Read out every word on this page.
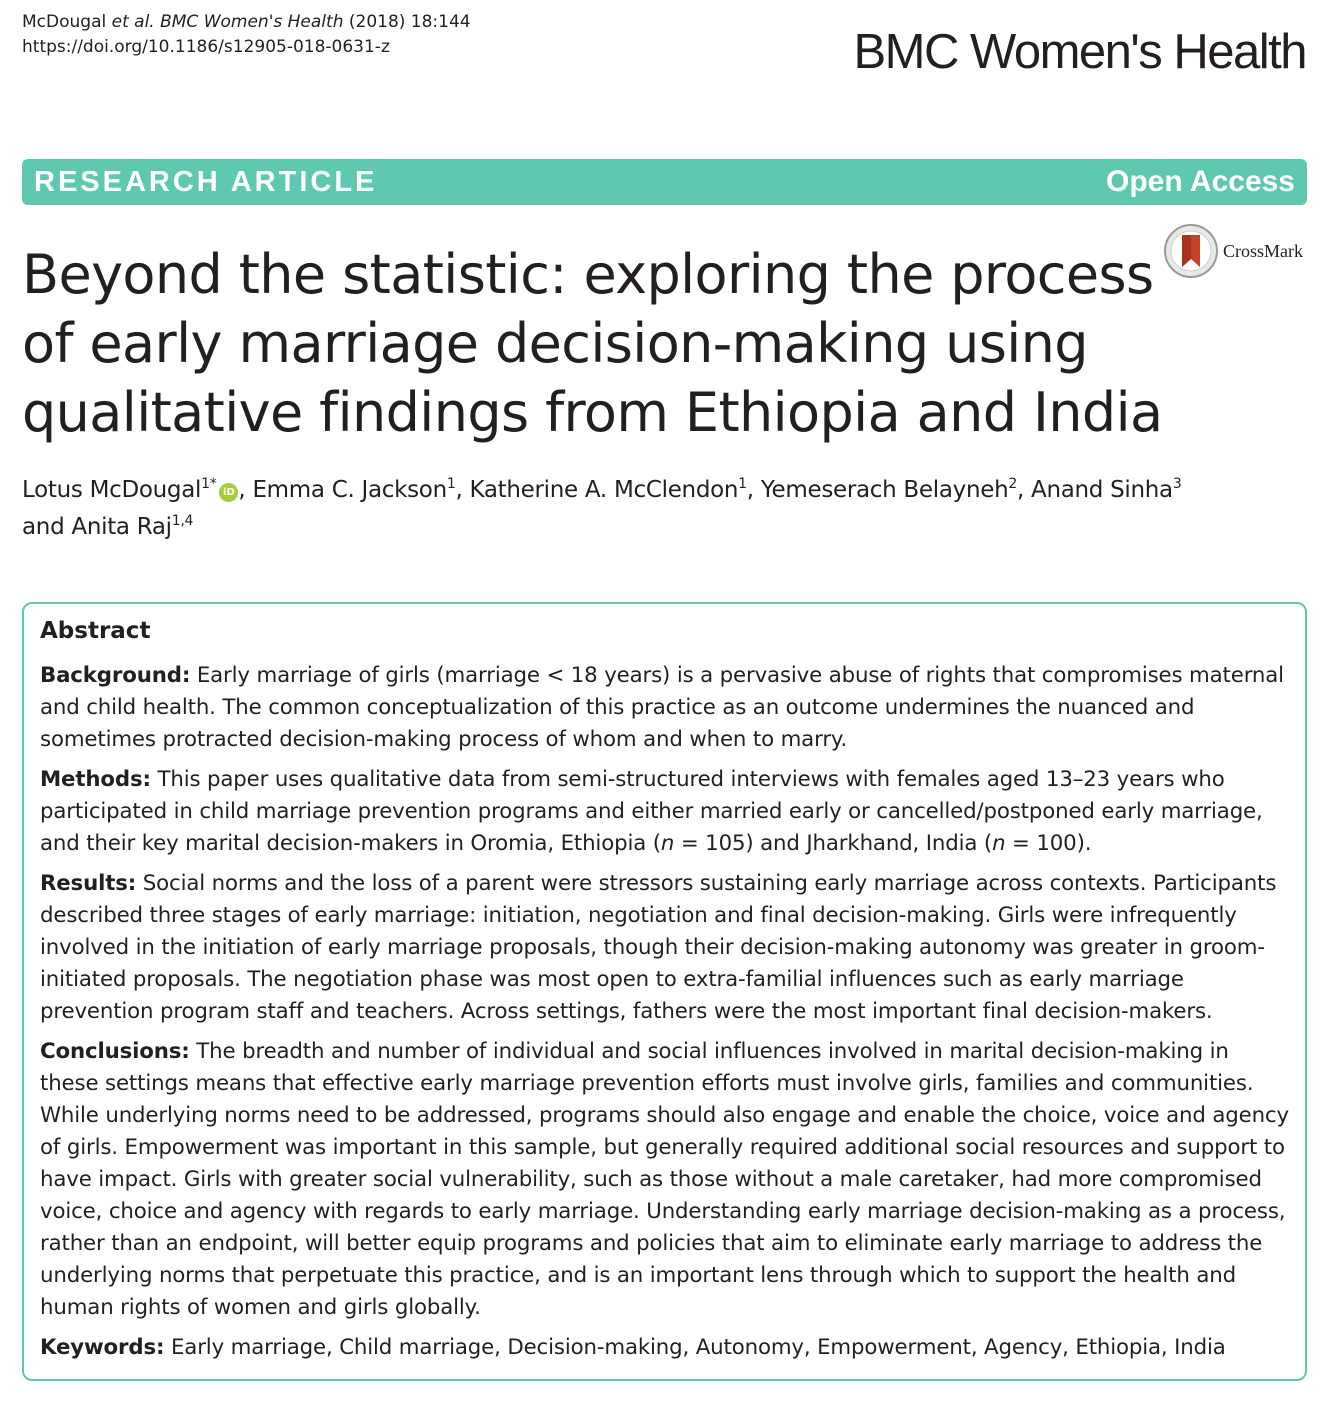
McDougal et al. BMC Women's Health (2018) 18:144
https://doi.org/10.1186/s12905-018-0631-z	BMC Women's Health
RESEARCH ARTICLE	Open Access
CrossMark
Beyond the statistic: exploring the process of early marriage decision-making using qualitative findings from Ethiopia and India
Lotus McDougal$^{1*}$iD , Emma C. Jackson$^1$, Katherine A. McClendon$^1$, Yemeserach Belayneh$^2$, Anand Sinha$^3$
and Anita Raj$^{1,4}$
Abstract

Background: Early marriage of girls (marriage < 18 years) is a pervasive abuse of rights that compromises maternal and child health. The common conceptualization of this practice as an outcome undermines the nuanced and sometimes protracted decision-making process of whom and when to marry.

Methods: This paper uses qualitative data from semi-structured interviews with females aged 13–23 years who participated in child marriage prevention programs and either married early or cancelled/postponed early marriage, and their key marital decision-makers in Oromia, Ethiopia (n = 105) and Jharkhand, India (n = 100).

Results: Social norms and the loss of a parent were stressors sustaining early marriage across contexts. Participants described three stages of early marriage: initiation, negotiation and final decision-making. Girls were infrequently involved in the initiation of early marriage proposals, though their decision-making autonomy was greater in groom-initiated proposals. The negotiation phase was most open to extra-familial influences such as early marriage prevention program staff and teachers. Across settings, fathers were the most important final decision-makers.

Conclusions: The breadth and number of individual and social influences involved in marital decision-making in these settings means that effective early marriage prevention efforts must involve girls, families and communities. While underlying norms need to be addressed, programs should also engage and enable the choice, voice and agency of girls. Empowerment was important in this sample, but generally required additional social resources and support to have impact. Girls with greater social vulnerability, such as those without a male caretaker, had more compromised voice, choice and agency with regards to early marriage. Understanding early marriage decision-making as a process, rather than an endpoint, will better equip programs and policies that aim to eliminate early marriage to address the underlying norms that perpetuate this practice, and is an important lens through which to support the health and human rights of women and girls globally.

Keywords: Early marriage, Child marriage, Decision-making, Autonomy, Empowerment, Agency, Ethiopia, India
